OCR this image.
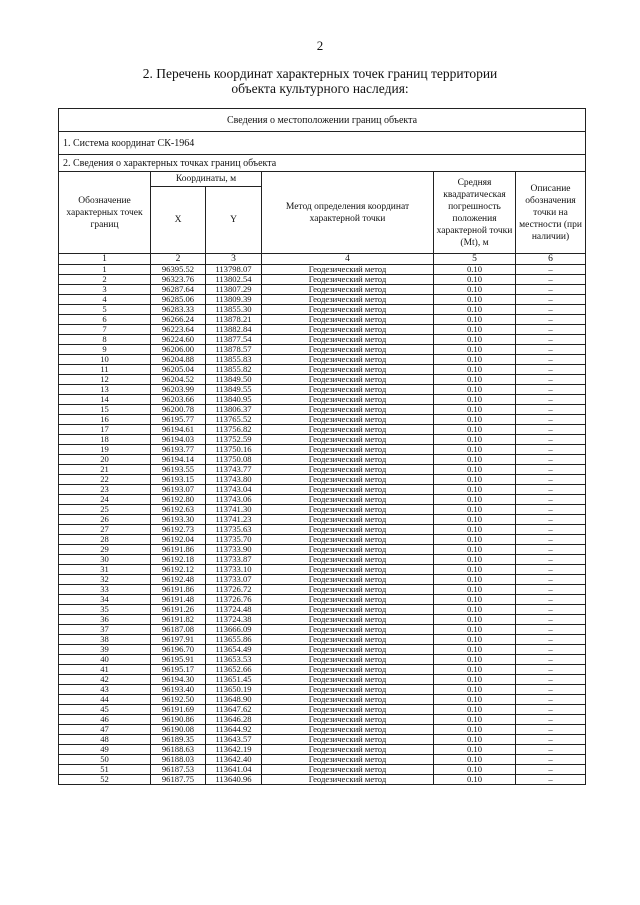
2
2. Перечень координат характерных точек границ территории
объекта культурного наследия:
Сведения о местоположении границ объекта					
1. Система координат СК-1964					
2. Сведения о характерных точках границ объекта					
Обозначение характерных точек границ	Координаты, м		Метод определения координат характерной точки	Средняя квадратическая погрешность положения характерной точки (Mt), м	Описание обозначения точки на местности (при наличии)
	X	Y			
1	2	3	4	5	6
1	96395.52	113798.07	Геодезический метод	0.10	–
2	96323.76	113802.54	Геодезический метод	0.10	–
3	96287.64	113807.29	Геодезический метод	0.10	–
4	96285.06	113809.39	Геодезический метод	0.10	–
5	96283.33	113855.30	Геодезический метод	0.10	–
6	96266.24	113878.21	Геодезический метод	0.10	–
7	96223.64	113882.84	Геодезический метод	0.10	–
8	96224.60	113877.54	Геодезический метод	0.10	–
9	96206.00	113878.57	Геодезический метод	0.10	–
10	96204.88	113855.83	Геодезический метод	0.10	–
11	96205.04	113855.82	Геодезический метод	0.10	–
12	96204.52	113849.50	Геодезический метод	0.10	–
13	96203.99	113849.55	Геодезический метод	0.10	–
14	96203.66	113840.95	Геодезический метод	0.10	–
15	96200.78	113806.37	Геодезический метод	0.10	–
16	96195.77	113765.52	Геодезический метод	0.10	–
17	96194.61	113756.82	Геодезический метод	0.10	–
18	96194.03	113752.59	Геодезический метод	0.10	–
19	96193.77	113750.16	Геодезический метод	0.10	–
20	96194.14	113750.08	Геодезический метод	0.10	–
21	96193.55	113743.77	Геодезический метод	0.10	–
22	96193.15	113743.80	Геодезический метод	0.10	–
23	96193.07	113743.04	Геодезический метод	0.10	–
24	96192.80	113743.06	Геодезический метод	0.10	–
25	96192.63	113741.30	Геодезический метод	0.10	–
26	96193.30	113741.23	Геодезический метод	0.10	–
27	96192.73	113735.63	Геодезический метод	0.10	–
28	96192.04	113735.70	Геодезический метод	0.10	–
29	96191.86	113733.90	Геодезический метод	0.10	–
30	96192.18	113733.87	Геодезический метод	0.10	–
31	96192.12	113733.10	Геодезический метод	0.10	–
32	96192.48	113733.07	Геодезический метод	0.10	–
33	96191.86	113726.72	Геодезический метод	0.10	–
34	96191.48	113726.76	Геодезический метод	0.10	–
35	96191.26	113724.48	Геодезический метод	0.10	–
36	96191.82	113724.38	Геодезический метод	0.10	–
37	96187.08	113666.09	Геодезический метод	0.10	–
38	96197.91	113655.86	Геодезический метод	0.10	–
39	96196.70	113654.49	Геодезический метод	0.10	–
40	96195.91	113653.53	Геодезический метод	0.10	–
41	96195.17	113652.66	Геодезический метод	0.10	–
42	96194.30	113651.45	Геодезический метод	0.10	–
43	96193.40	113650.19	Геодезический метод	0.10	–
44	96192.50	113648.90	Геодезический метод	0.10	–
45	96191.69	113647.62	Геодезический метод	0.10	–
46	96190.86	113646.28	Геодезический метод	0.10	–
47	96190.08	113644.92	Геодезический метод	0.10	–
48	96189.35	113643.57	Геодезический метод	0.10	–
49	96188.63	113642.19	Геодезический метод	0.10	–
50	96188.03	113642.40	Геодезический метод	0.10	–
51	96187.53	113641.04	Геодезический метод	0.10	–
52	96187.75	113640.96	Геодезический метод	0.10	–
